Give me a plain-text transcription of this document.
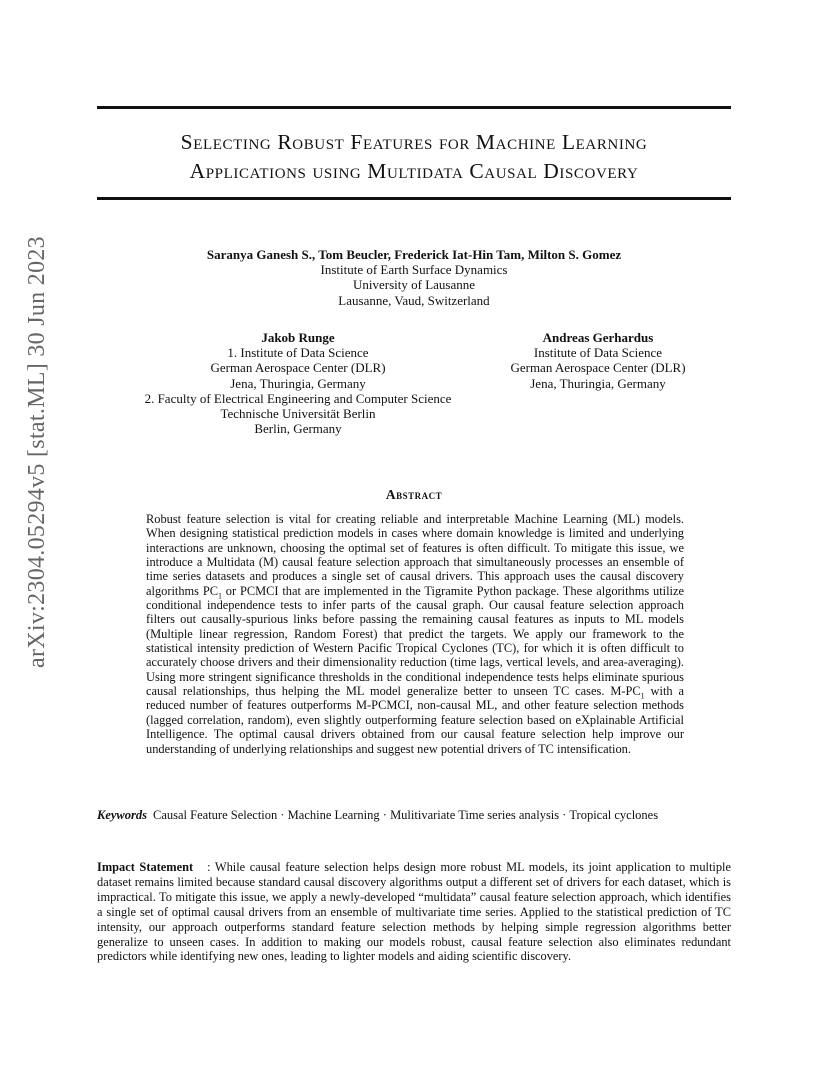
arXiv:2304.05294v5 [stat.ML] 30 Jun 2023
Selecting Robust Features for Machine Learning
Applications using Multidata Causal Discovery
Saranya Ganesh S., Tom Beucler, Frederick Iat-Hin Tam, Milton S. Gomez
Institute of Earth Surface Dynamics
University of Lausanne
Lausanne, Vaud, Switzerland
Jakob Runge
1. Institute of Data Science
German Aerospace Center (DLR)
Jena, Thuringia, Germany
2. Faculty of Electrical Engineering and Computer Science
Technische Universität Berlin
Berlin, Germany
Andreas Gerhardus
Institute of Data Science
German Aerospace Center (DLR)
Jena, Thuringia, Germany
Abstract
Robust feature selection is vital for creating reliable and interpretable Machine Learning (ML) models. When designing statistical prediction models in cases where domain knowledge is limited and underlying interactions are unknown, choosing the optimal set of features is often difficult. To mitigate this issue, we introduce a Multidata (M) causal feature selection approach that simultaneously processes an ensemble of time series datasets and produces a single set of causal drivers. This approach uses the causal discovery algorithms $PC_1$ or PCMCI that are implemented in the Tigramite Python package. These algorithms utilize conditional independence tests to infer parts of the causal graph. Our causal feature selection approach filters out causally-spurious links before passing the remaining causal features as inputs to ML models (Multiple linear regression, Random Forest) that predict the targets. We apply our framework to the statistical intensity prediction of Western Pacific Tropical Cyclones (TC), for which it is often difficult to accurately choose drivers and their dimensionality reduction (time lags, vertical levels, and area-averaging). Using more stringent significance thresholds in the conditional independence tests helps eliminate spurious causal relationships, thus helping the ML model generalize better to unseen TC cases. $M-PC_1$ with a reduced number of features outperforms M-PCMCI, non-causal ML, and other feature selection methods (lagged correlation, random), even slightly outperforming feature selection based on eXplainable Artificial Intelligence. The optimal causal drivers obtained from our causal feature selection help improve our understanding of underlying relationships and suggest new potential drivers of TC intensification.
Keywords Causal Feature Selection · Machine Learning · Mulitivariate Time series analysis · Tropical cyclones
Impact Statement : While causal feature selection helps design more robust ML models, its joint application to multiple dataset remains limited because standard causal discovery algorithms output a different set of drivers for each dataset, which is impractical. To mitigate this issue, we apply a newly-developed “multidata” causal feature selection approach, which identifies a single set of optimal causal drivers from an ensemble of multivariate time series. Applied to the statistical prediction of TC intensity, our approach outperforms standard feature selection methods by helping simple regression algorithms better generalize to unseen cases. In addition to making our models robust, causal feature selection also eliminates redundant predictors while identifying new ones, leading to lighter models and aiding scientific discovery.
